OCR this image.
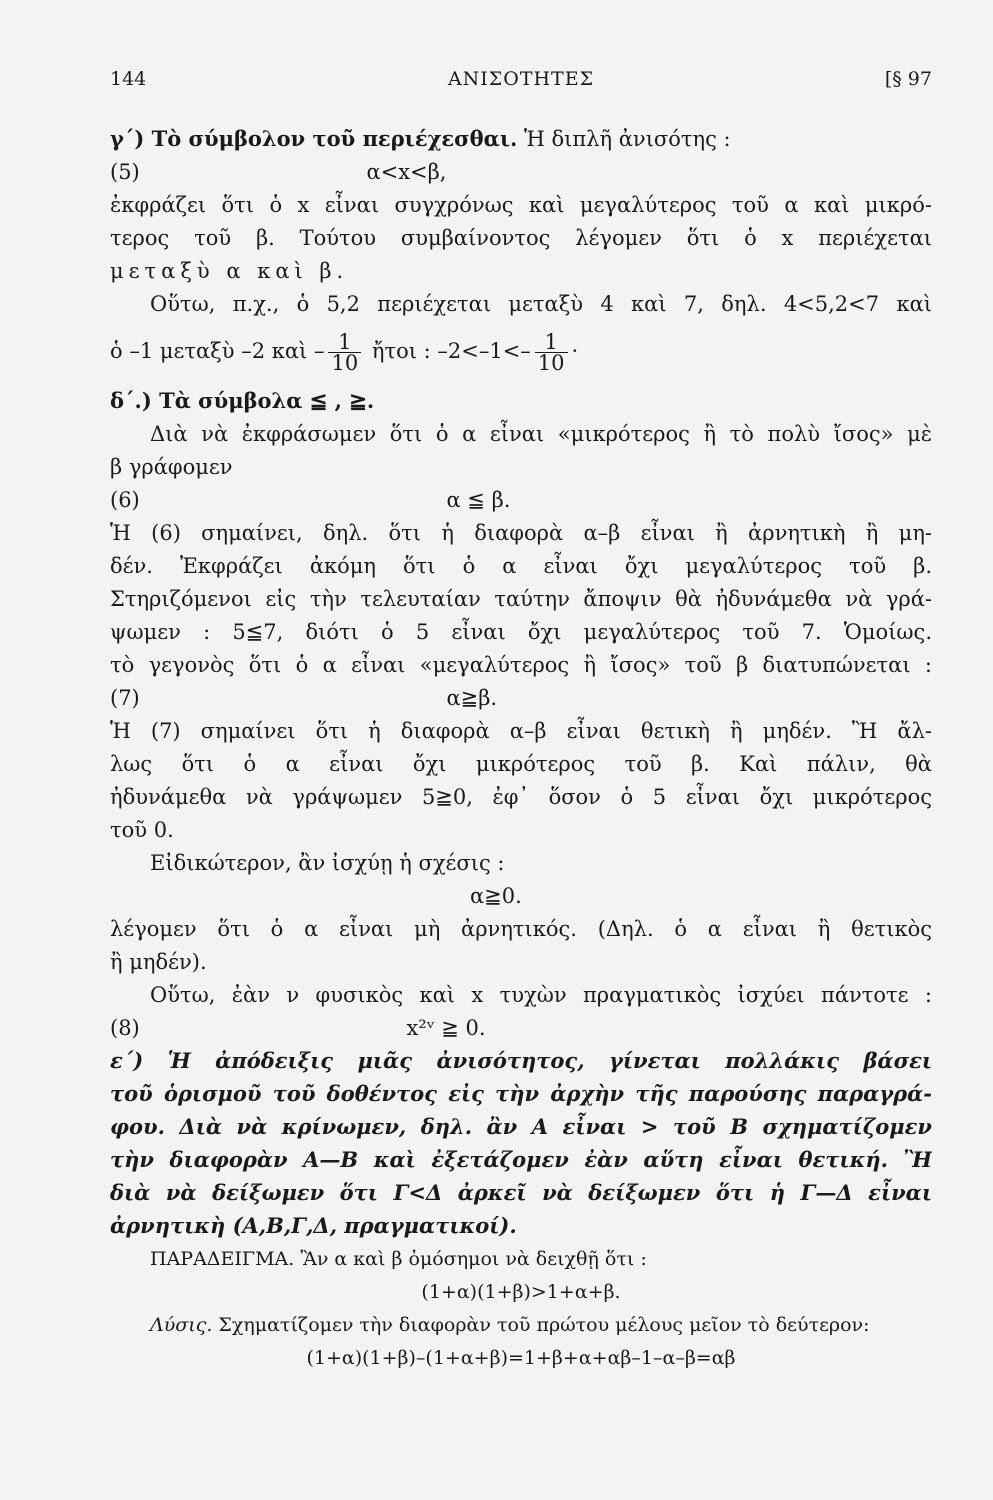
144	ΑΝΙΣΟΤΗΤΕΣ	[§ 97
γ΄) Τὸ σύμβολον τοῦ περιέχεσθαι. Ἡ διπλῆ ἀνισότης :
(5)	α<x<β,
ἐκφράζει ὅτι ὁ x εἶναι συγχρόνως καὶ μεγαλύτερος τοῦ α καὶ μικρό-
τερος τοῦ β. Τούτου συμβαίνοντος λέγομεν ὅτι ὁ x περιέχεται
μεταξὺ α καὶ β.
Οὕτω, π.χ., ὁ 5,2 περιέχεται μεταξὺ 4 καὶ 7, δηλ. 4<5,2<7 καὶ
ὁ –1 μεταξὺ –2 καὶ – $\frac{1}{10}$ ἤτοι : $-2<-1<- \frac{1}{10}$ ·
δ΄.) Τὰ σύμβολα ≦ , ≧.
Διὰ νὰ ἐκφράσωμεν ὅτι ὁ α εἶναι «μικρότερος ἢ τὸ πολὺ ἴσος» μὲ
β γράφομεν
(6)	α ≦ β.
Ἡ (6) σημαίνει, δηλ. ὅτι ἡ διαφορὰ α–β εἶναι ἢ ἀρνητικὴ ἢ μη-
δέν. Ἐκφράζει ἀκόμη ὅτι ὁ α εἶναι ὄχι μεγαλύτερος τοῦ β.
Στηριζόμενοι εἰς τὴν τελευταίαν ταύτην ἄποψιν θὰ ἠδυνάμεθα νὰ γρά-
ψωμεν : 5≦7, διότι ὁ 5 εἶναι ὄχι μεγαλύτερος τοῦ 7. Ὁμοίως.
τὸ γεγονὸς ὅτι ὁ α εἶναι «μεγαλύτερος ἢ ἴσος» τοῦ β διατυπώνεται :
(7)	α≧β.
Ἡ (7) σημαίνει ὅτι ἡ διαφορὰ α–β εἶναι θετικὴ ἢ μηδέν. Ἢ ἄλ-
λως ὅτι ὁ α εἶναι ὄχι μικρότερος τοῦ β. Καὶ πάλιν, θὰ
ἠδυνάμεθα νὰ γράψωμεν 5≧0, ἐφ᾿ ὅσον ὁ 5 εἶναι ὄχι μικρότερος
τοῦ 0.
Εἰδικώτερον, ἂν ἰσχύῃ ἡ σχέσις :
α≧0.
λέγομεν ὅτι ὁ α εἶναι μὴ ἀρνητικός. (Δηλ. ὁ α εἶναι ἢ θετικὸς
ἢ μηδέν).
Οὕτω, ἐὰν ν φυσικὸς καὶ x τυχὼν πραγματικὸς ἰσχύει πάντοτε :
(8)	x²ᵛ ≧ 0.
ε΄) Ἡ ἀπόδειξις μιᾶς ἀνισότητος, γίνεται πολλάκις βάσει
τοῦ ὁρισμοῦ τοῦ δοθέντος εἰς τὴν ἀρχὴν τῆς παρούσης παραγρά-
φου. Διὰ νὰ κρίνωμεν, δηλ. ἂν Α εἶναι > τοῦ Β σχηματίζομεν
τὴν διαφορὰν Α—Β καὶ ἐξετάζομεν ἐὰν αὕτη εἶναι θετική. Ἢ
διὰ νὰ δείξωμεν ὅτι Γ<Δ ἀρκεῖ νὰ δείξωμεν ὅτι ἡ Γ—Δ εἶναι
ἀρνητικὴ (Α,Β,Γ,Δ, πραγματικοί).
ΠΑΡΑΔΕΙΓΜΑ. Ἂν α καὶ β ὁμόσημοι νὰ δειχθῇ ὅτι :
(1+α)(1+β)>1+α+β.
Λύσις. Σχηματίζομεν τὴν διαφορὰν τοῦ πρώτου μέλους μεῖον τὸ δεύτερον:
(1+α)(1+β)–(1+α+β)=1+β+α+αβ–1–α–β=αβ
